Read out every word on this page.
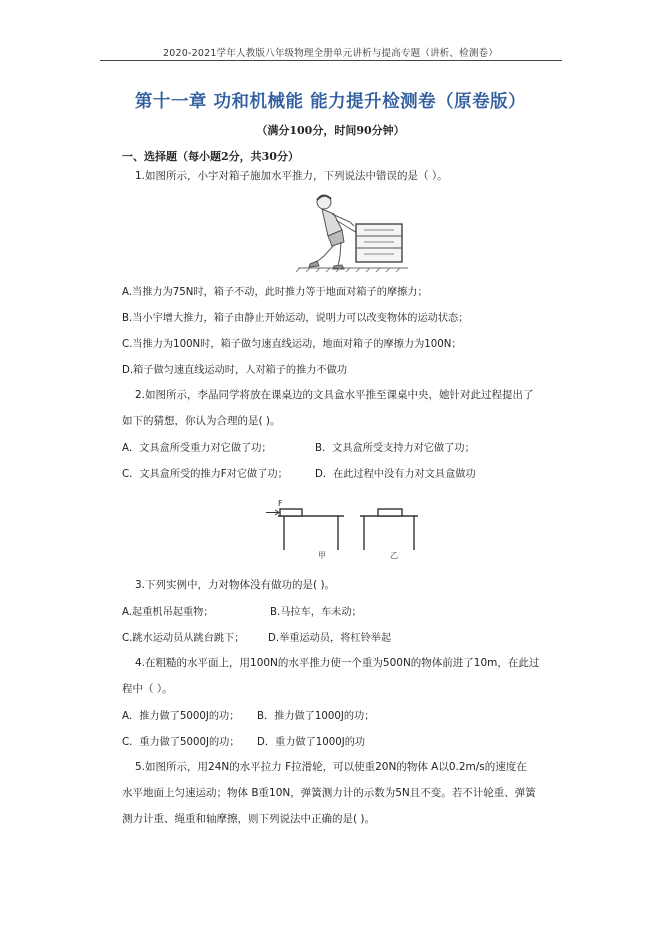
2020-2021学年人教版八年级物理全册单元讲析与提高专题（讲析、检测卷）
第十一章 功和机械能 能力提升检测卷（原卷版）
（满分100分，时间90分钟）
一、选择题（每小题2分，共30分）
1.如图所示，小宇对箱子施加水平推力，下列说法中错误的是（ ）。
A.当推力为75N时，箱子不动，此时推力等于地面对箱子的摩擦力；
B.当小宇增大推力，箱子由静止开始运动，说明力可以改变物体的运动状态；
C.当推力为100N时，箱子做匀速直线运动，地面对箱子的摩擦力为100N；
D.箱子做匀速直线运动时，人对箱子的推力不做功
2.如图所示，李晶同学将放在课桌边的文具盒水平推至课桌中央，她针对此过程提出了
如下的猜想，你认为合理的是( )。
A．文具盒所受重力对它做了功；	B．文具盒所受支持力对它做了功；
C．文具盒所受的推力F对它做了功；	D．在此过程中没有力对文具盒做功
F
甲	乙
3.下列实例中，力对物体没有做功的是( )。
A.起重机吊起重物；	B.马拉车，车未动；
C.跳水运动员从跳台跳下； D.举重运动员，将杠铃举起
4.在粗糙的水平面上，用100N的水平推力使一个重为500N的物体前进了10m，在此过
程中（ ）。
A．推力做了5000J的功； B．推力做了1000J的功；
C．重力做了5000J的功； D．重力做了1000J的功
5.如图所示，用24N的水平拉力 F拉滑轮，可以使重20N的物体 A以0.2m/s的速度在
水平地面上匀速运动；物体 B重10N，弹簧测力计的示数为5N且不变。若不计轮重、弹簧
测力计重、绳重和轴摩擦，则下列说法中正确的是( )。
